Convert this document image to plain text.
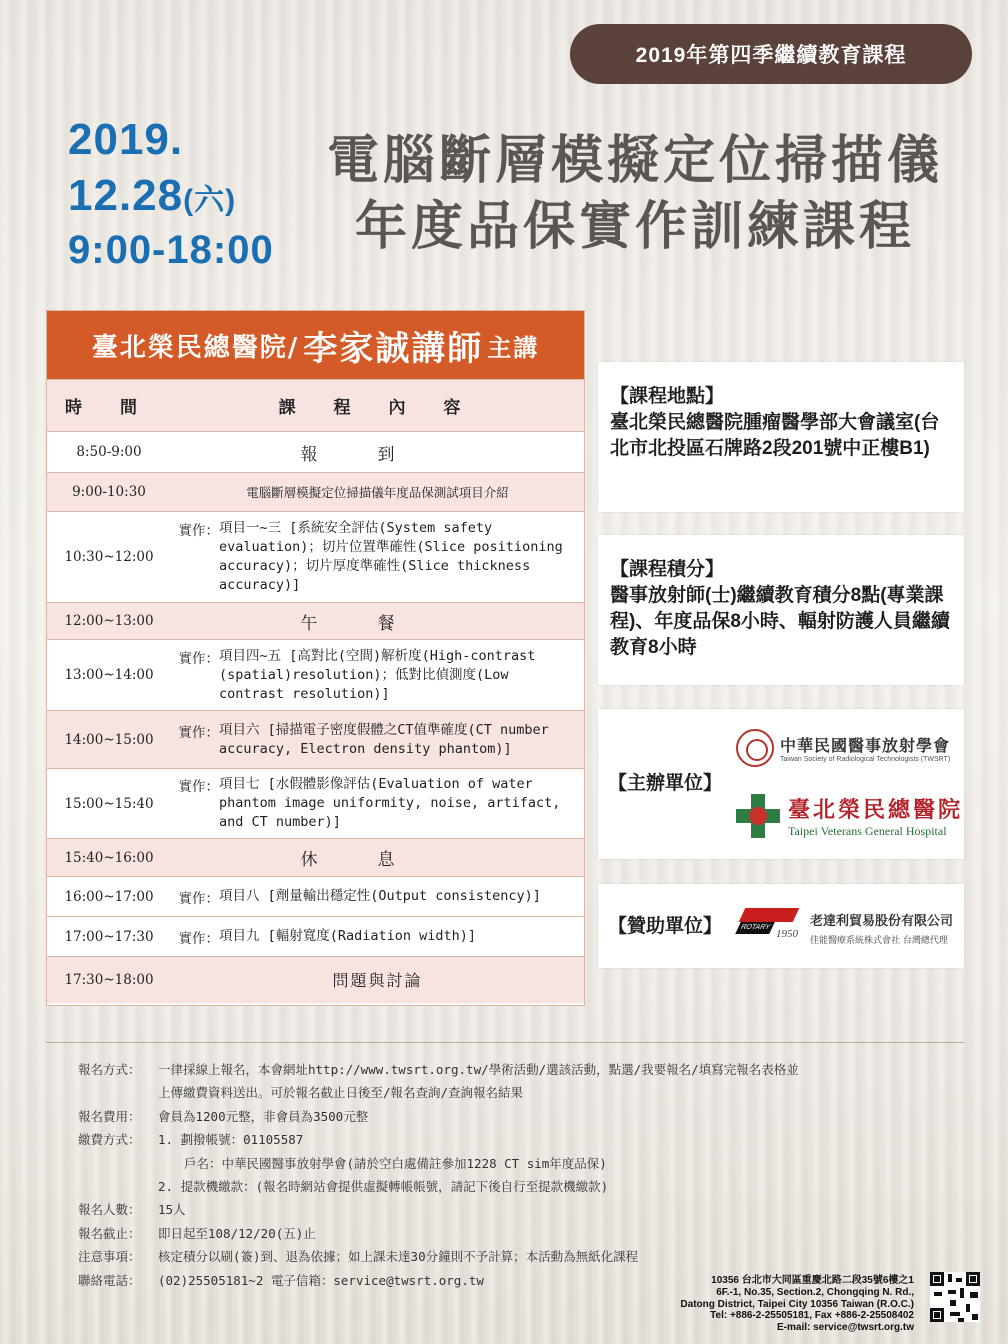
2019年第四季繼續教育課程
2019.
12.28(六)
9:00-18:00
電腦斷層模擬定位掃描儀
年度品保實作訓練課程
臺北榮民總醫院/ 李家誠講師 主講
時 間	課 程 內 容
8:50-9:00	報到
9:00-10:30	電腦斷層模擬定位掃描儀年度品保測試項目介紹
10:30~12:00	實作： 項目一~三 [系統安全評估(System safety evaluation)；切片位置準確性(Slice positioning accuracy)；切片厚度準確性(Slice thickness accuracy)]

12:00~13:00	午餐
13:00~14:00	實作： 項目四~五 [高對比(空間)解析度(High-contrast (spatial)resolution)；低對比偵測度(Low contrast resolution)]

14:00~15:00	實作： 項目六 [掃描電子密度假體之CT值準確度(CT number accuracy, Electron density phantom)]

15:00~15:40	實作： 項目七 [水假體影像評估(Evaluation of water phantom image uniformity, noise, artifact, and CT number)]

15:40~16:00	休息
16:00~17:00	實作： 項目八 [劑量輸出穩定性(Output consistency)]

17:00~17:30	實作： 項目九 [輻射寬度(Radiation width)]

17:30~18:00	問題與討論
【課程地點】
臺北榮民總醫院腫瘤醫學部大會議室(台北市北投區石牌路2段201號中正樓B1)
【課程積分】
醫事放射師(士)繼續教育積分8點(專業課程)、年度品保8小時、輻射防護人員繼續教育8小時
【主辦單位】
中華民國醫事放射學會
Taiwan Society of Radiological Technologists (TWSRT)
臺北榮民總醫院
Taipei Veterans General Hospital
【贊助單位】	ROTARY
1950
老達利貿易股份有限公司
佳能醫療系統株式會社 台灣總代理
報名方式：	一律採線上報名，本會網址http://www.twsrt.org.tw/學術活動/選該活動，點選/我要報名/填寫完報名表格並
上傳繳費資料送出。可於報名截止日後至/報名查詢/查詢報名結果
報名費用：	會員為1200元整，非會員為3500元整
繳費方式：	1. 劃撥帳號：01105587
戶名：中華民國醫事放射學會(請於空白處備註參加1228 CT sim年度品保)
2. 提款機繳款：(報名時網站會提供虛擬轉帳帳號，請記下後自行至提款機繳款)
報名人數：	15人
報名截止：	即日起至108/12/20(五)止
注意事項：	核定積分以刷(簽)到、退為依據；如上課未達30分鐘則不予計算；本活動為無紙化課程
聯絡電話：	(02)25505181~2 電子信箱：service@twsrt.org.tw	10356 台北市大同區重慶北路二段35號6樓之1
6F.-1, No.35, Section.2, Chongqing N. Rd.,
Datong District, Taipei City 10356 Taiwan (R.O.C.)
Tel: +886-2-25505181, Fax +886-2-25508402
E-mail: service@twsrt.org.tw
